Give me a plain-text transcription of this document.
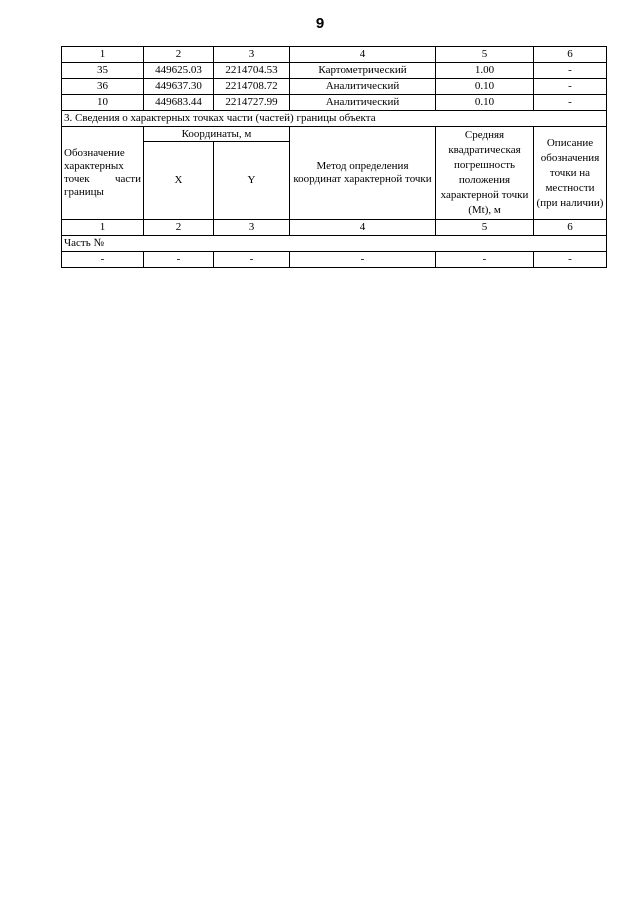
9
1	2	3	4	5	6
35	449625.03	2214704.53	Картометрический	1.00	-
36	449637.30	2214708.72	Аналитический	0.10	-
10	449683.44	2214727.99	Аналитический	0.10	-
3. Сведения о характерных точках части (частей) границы объекта					
Обозначение характерных точек части границы	Координаты, м		Метод определения координат характерной точки	Средняя квадратическая погрешность положения характерной точки (Mt), м	Описание обозначения точки на местности (при наличии)
	X	Y			
1	2	3	4	5	6
Часть №					
-	-	-	-	-	-
